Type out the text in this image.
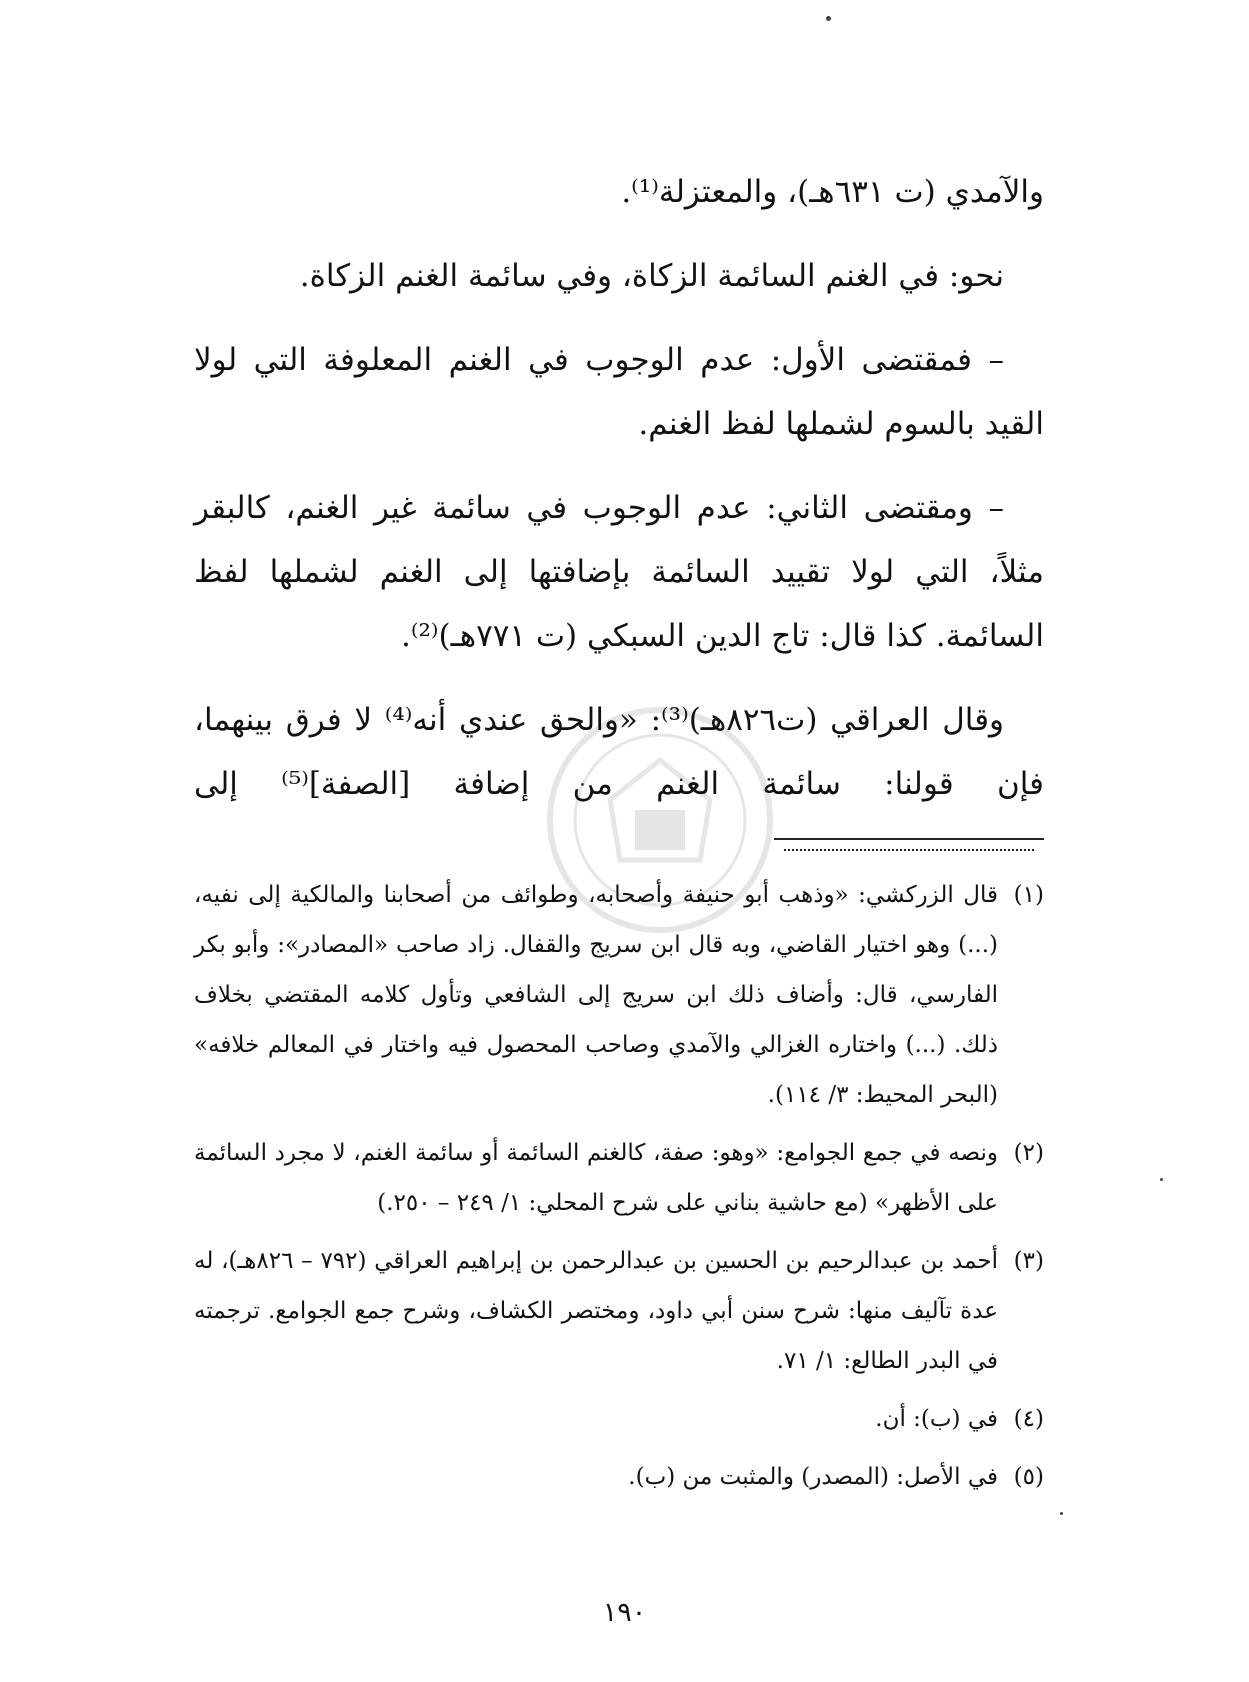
والآمدي (ت ٦٣١هـ)، والمعتزلة⁽¹⁾.

نحو: في الغنم السائمة الزكاة، وفي سائمة الغنم الزكاة.

– فمقتضى الأول: عدم الوجوب في الغنم المعلوفة التي لولا القيد بالسوم لشملها لفظ الغنم.

– ومقتضى الثاني: عدم الوجوب في سائمة غير الغنم، كالبقر مثلاً، التي لولا تقييد السائمة بإضافتها إلى الغنم لشملها لفظ السائمة. كذا قال: تاج الدين السبكي (ت ٧٧١هـ)⁽²⁾.

وقال العراقي (ت٨٢٦هـ)⁽³⁾: «والحق عندي أنه⁽⁴⁾ لا فرق بينهما، فإن قولنا: سائمة الغنم من إضافة [الصفة]⁽⁵⁾ إلى

(١)
قال الزركشي: «وذهب أبو حنيفة وأصحابه، وطوائف من أصحابنا والمالكية إلى نفيه، (...) وهو اختيار القاضي، وبه قال ابن سريج والقفال. زاد صاحب «المصادر»: وأبو بكر الفارسي، قال: وأضاف ذلك ابن سريج إلى الشافعي وتأول كلامه المقتضي بخلاف ذلك. (...) واختاره الغزالي والآمدي وصاحب المحصول فيه واختار في المعالم خلافه» (البحر المحيط: ٣/ ١١٤).
(٢)
ونصه في جمع الجوامع: «وهو: صفة، كالغنم السائمة أو سائمة الغنم، لا مجرد السائمة على الأظهر» (مع حاشية بناني على شرح المحلي: ١/ ٢٤٩ – ٢٥٠.)
(٣)
أحمد بن عبدالرحيم بن الحسين بن عبدالرحمن بن إبراهيم العراقي (٧٩٢ – ٨٢٦هـ)، له عدة تآليف منها: شرح سنن أبي داود، ومختصر الكشاف، وشرح جمع الجوامع. ترجمته في البدر الطالع: ١/ ٧١.
(٤)
في (ب): أن.
(٥)
في الأصل: (المصدر) والمثبت من (ب).
١٩٠
